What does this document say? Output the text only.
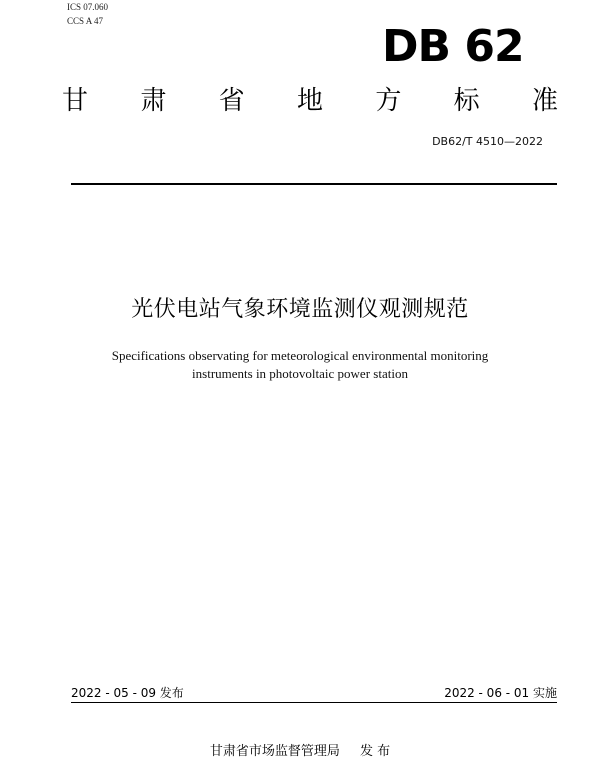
ICS 07.060
CCS A 47	DB 62
甘 肃 省 地 方 标 准
DB62/T 4510—2022
光伏电站气象环境监测仪观测规范
Specifications observating for meteorological environmental monitoring
instruments in photovoltaic power station
2022 - 05 - 09 发布	2022 - 06 - 01 实施
甘肃省市场监督管理局 发 布
